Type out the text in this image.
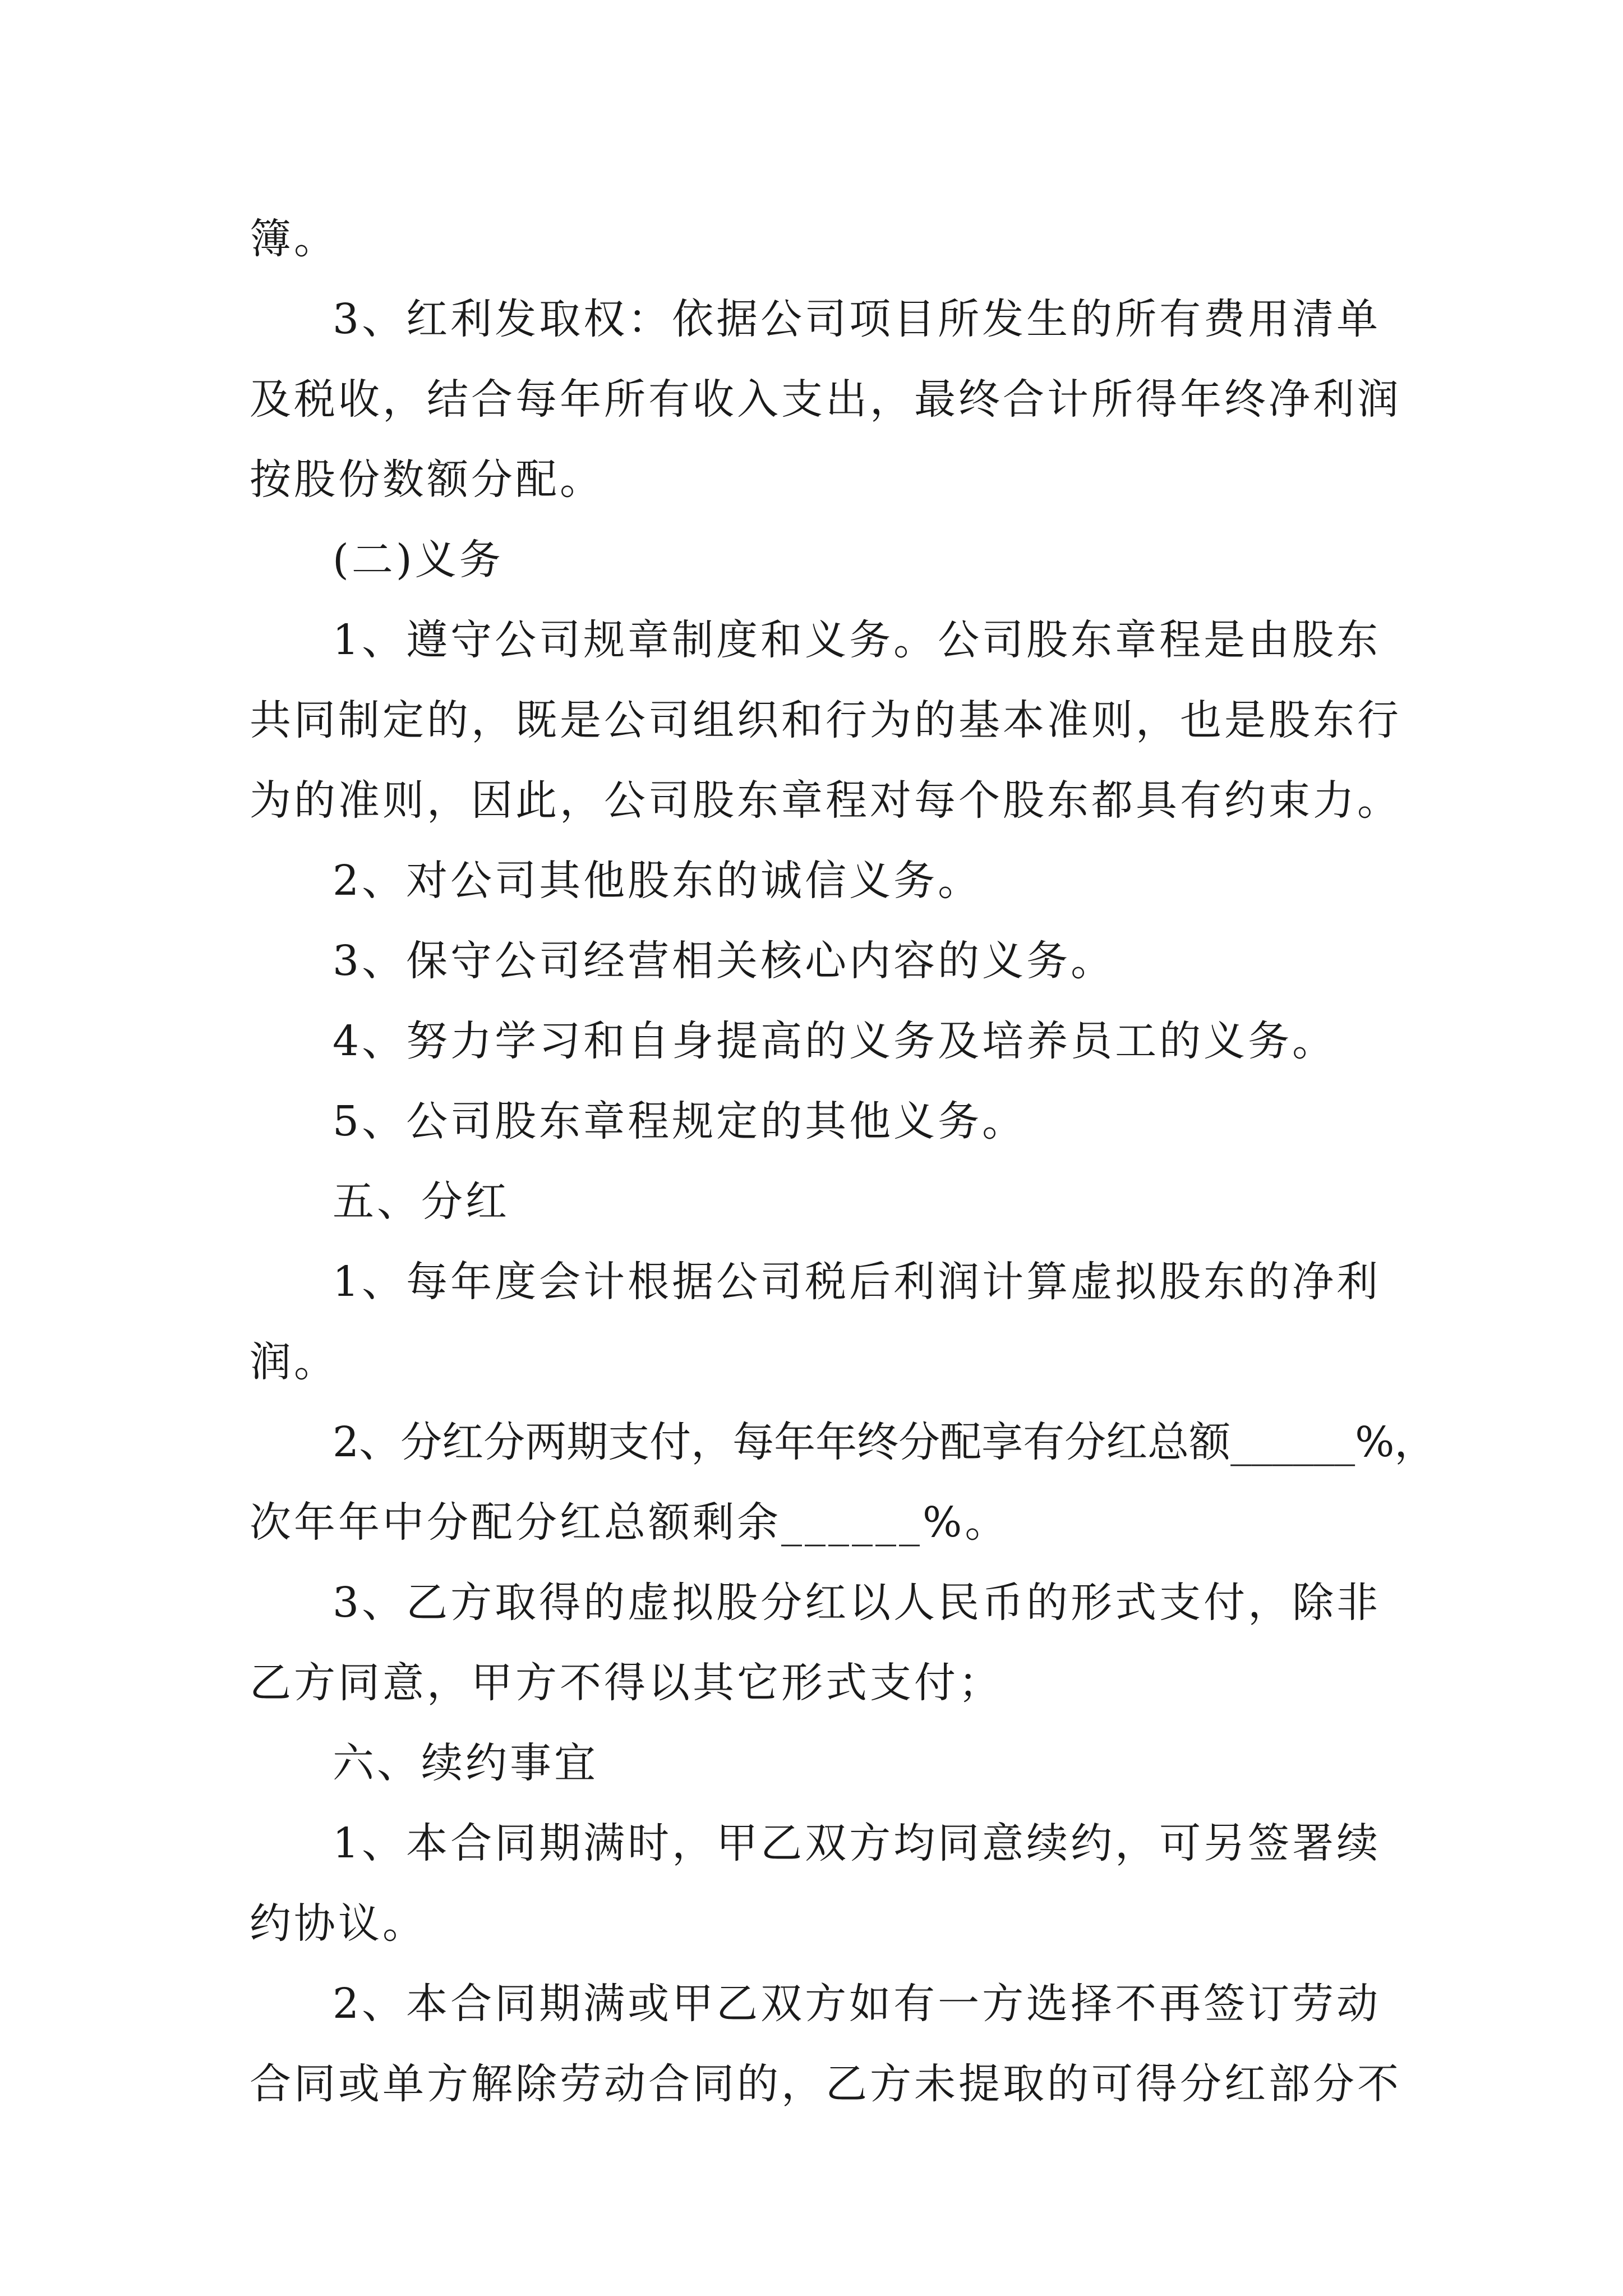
簿。
3、红利发取权：依据公司项目所发生的所有费用清单
及税收，结合每年所有收入支出，最终合计所得年终净利润
按股份数额分配。
(二)义务
1、遵守公司规章制度和义务。公司股东章程是由股东
共同制定的，既是公司组织和行为的基本准则，也是股东行
为的准则，因此，公司股东章程对每个股东都具有约束力。
2、对公司其他股东的诚信义务。
3、保守公司经营相关核心内容的义务。
4、努力学习和自身提高的义务及培养员工的义务。
5、公司股东章程规定的其他义务。
五、分红
1、每年度会计根据公司税后利润计算虚拟股东的净利
润。
2、分红分两期支付，每年年终分配享有分红总额______%，
次年年中分配分红总额剩余______%。
3、乙方取得的虚拟股分红以人民币的形式支付，除非
乙方同意，甲方不得以其它形式支付；
六、续约事宜
1、本合同期满时，甲乙双方均同意续约，可另签署续
约协议。
2、本合同期满或甲乙双方如有一方选择不再签订劳动
合同或单方解除劳动合同的，乙方未提取的可得分红部分不
